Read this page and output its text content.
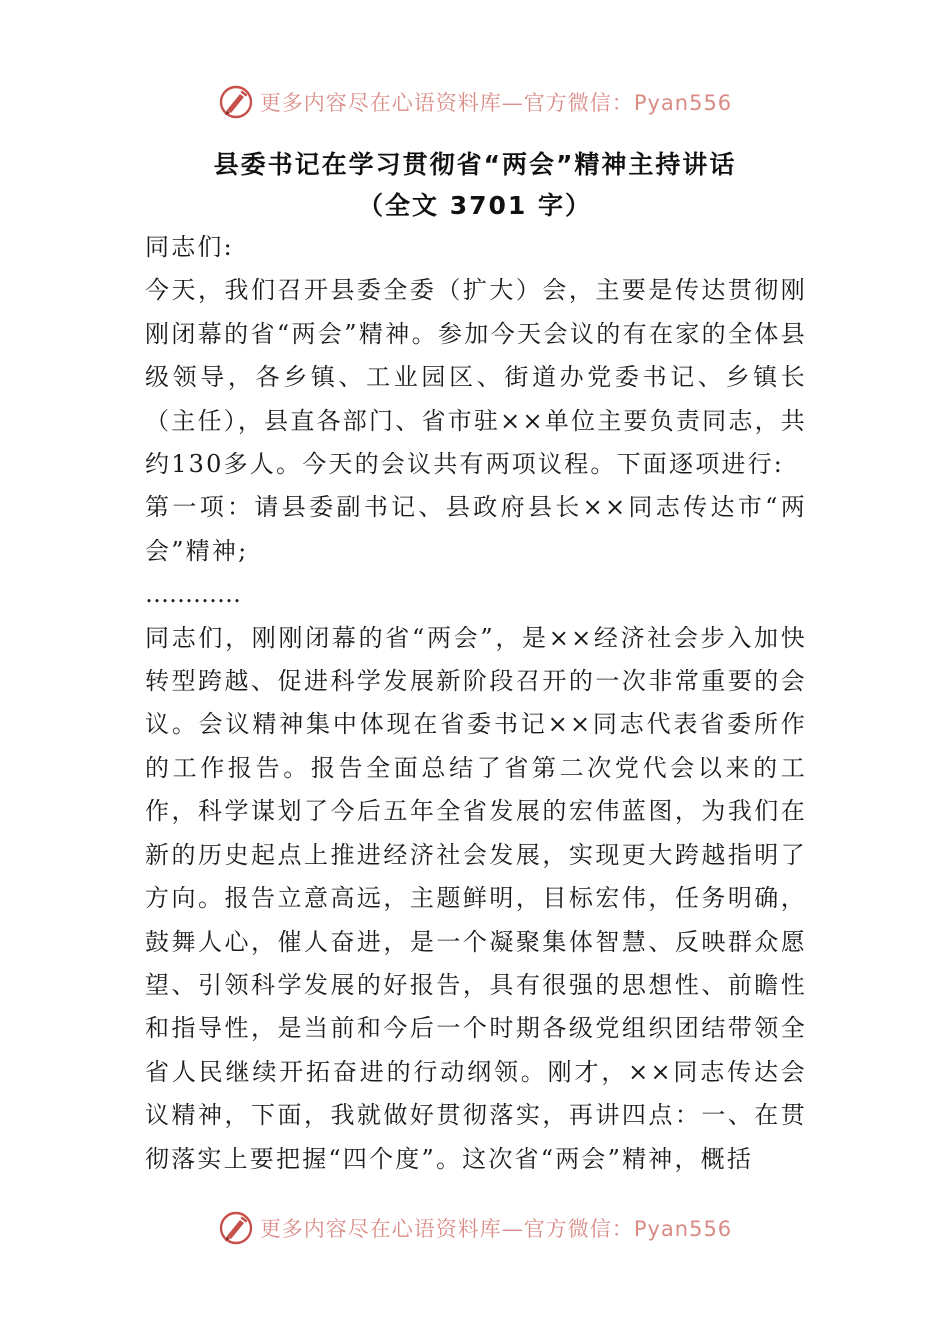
更多内容尽在心语资料库—官方微信：Pyan556
县委书记在学习贯彻省“两会”精神主持讲话
（全文 3701 字）

同志们:

今天，我们召开县委全委（扩大）会，主要是传达贯彻刚刚闭幕的省“两会”精神。参加今天会议的有在家的全体县级领导，各乡镇、工业园区、街道办党委书记、乡镇长（主任），县直各部门、省市驻××单位主要负责同志，共约130多人。今天的会议共有两项议程。下面逐项进行:

第一项：请县委副书记、县政府县长××同志传达市“两会”精神;

…………

同志们，刚刚闭幕的省“两会”，是××经济社会步入加快转型跨越、促进科学发展新阶段召开的一次非常重要的会议。会议精神集中体现在省委书记××同志代表省委所作的工作报告。报告全面总结了省第二次党代会以来的工作，科学谋划了今后五年全省发展的宏伟蓝图，为我们在新的历史起点上推进经济社会发展，实现更大跨越指明了方向。报告立意高远，主题鲜明，目标宏伟，任务明确，鼓舞人心，催人奋进，是一个凝聚集体智慧、反映群众愿望、引领科学发展的好报告，具有很强的思想性、前瞻性和指导性，是当前和今后一个时期各级党组织团结带领全省人民继续开拓奋进的行动纲领。刚才，××同志传达会议精神，下面，我就做好贯彻落实，再讲四点：一、在贯彻落实上要把握“四个度”。这次省“两会”精神，概括

更多内容尽在心语资料库—官方微信：Pyan556
